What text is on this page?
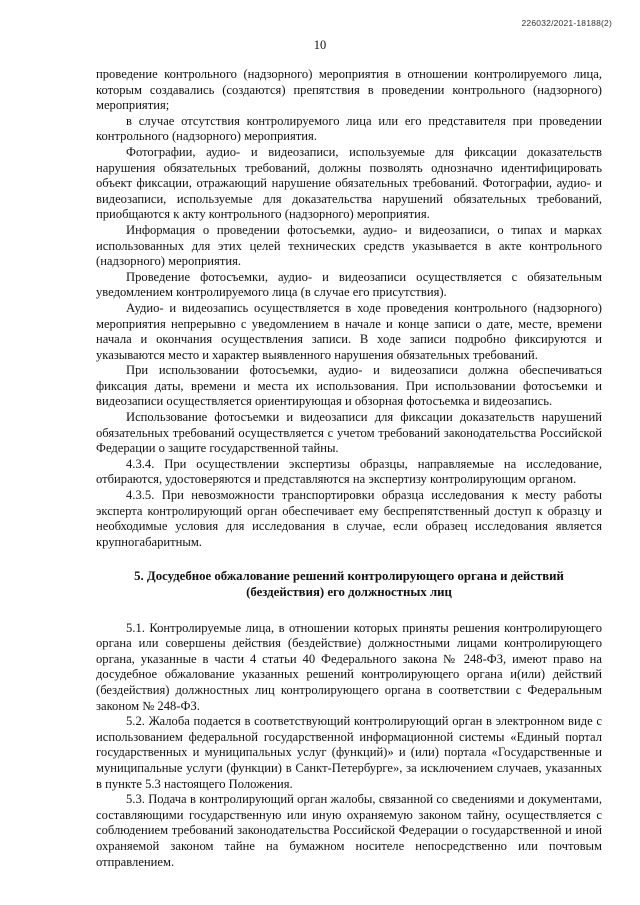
226032/2021-18188(2)
10

проведение контрольного (надзорного) мероприятия в отношении контролируемого лица, которым создавались (создаются) препятствия в проведении контрольного (надзорного) мероприятия;

в случае отсутствия контролируемого лица или его представителя при проведении контрольного (надзорного) мероприятия.

Фотографии, аудио- и видеозаписи, используемые для фиксации доказательств нарушения обязательных требований, должны позволять однозначно идентифицировать объект фиксации, отражающий нарушение обязательных требований. Фотографии, аудио- и видеозаписи, используемые для доказательства нарушений обязательных требований, приобщаются к акту контрольного (надзорного) мероприятия.

Информация о проведении фотосъемки, аудио- и видеозаписи, о типах и марках использованных для этих целей технических средств указывается в акте контрольного (надзорного) мероприятия.

Проведение фотосъемки, аудио- и видеозаписи осуществляется с обязательным уведомлением контролируемого лица (в случае его присутствия).

Аудио- и видеозапись осуществляется в ходе проведения контрольного (надзорного) мероприятия непрерывно с уведомлением в начале и конце записи о дате, месте, времени начала и окончания осуществления записи. В ходе записи подробно фиксируются и указываются место и характер выявленного нарушения обязательных требований.

При использовании фотосъемки, аудио- и видеозаписи должна обеспечиваться фиксация даты, времени и места их использования. При использовании фотосъемки и видеозаписи осуществляется ориентирующая и обзорная фотосъемка и видеозапись.

Использование фотосъемки и видеозаписи для фиксации доказательств нарушений обязательных требований осуществляется с учетом требований законодательства Российской Федерации о защите государственной тайны.

4.3.4. При осуществлении экспертизы образцы, направляемые на исследование, отбираются, удостоверяются и представляются на экспертизу контролирующим органом.

4.3.5. При невозможности транспортировки образца исследования к месту работы эксперта контролирующий орган обеспечивает ему беспрепятственный доступ к образцу и необходимые условия для исследования в случае, если образец исследования является крупногабаритным.

5. Досудебное обжалование решений контролирующего органа и действий (бездействия) его должностных лиц

5.1. Контролируемые лица, в отношении которых приняты решения контролирующего органа или совершены действия (бездействие) должностными лицами контролирующего органа, указанные в части 4 статьи 40 Федерального закона № 248-ФЗ, имеют право на досудебное обжалование указанных решений контролирующего органа и(или) действий (бездействия) должностных лиц контролирующего органа в соответствии с Федеральным законом № 248-ФЗ.

5.2. Жалоба подается в соответствующий контролирующий орган в электронном виде с использованием федеральной государственной информационной системы «Единый портал государственных и муниципальных услуг (функций)» и (или) портала «Государственные и муниципальные услуги (функции) в Санкт-Петербурге», за исключением случаев, указанных в пункте 5.3 настоящего Положения.

5.3. Подача в контролирующий орган жалобы, связанной со сведениями и документами, составляющими государственную или иную охраняемую законом тайну, осуществляется с соблюдением требований законодательства Российской Федерации о государственной и иной охраняемой законом тайне на бумажном носителе непосредственно или почтовым отправлением.
